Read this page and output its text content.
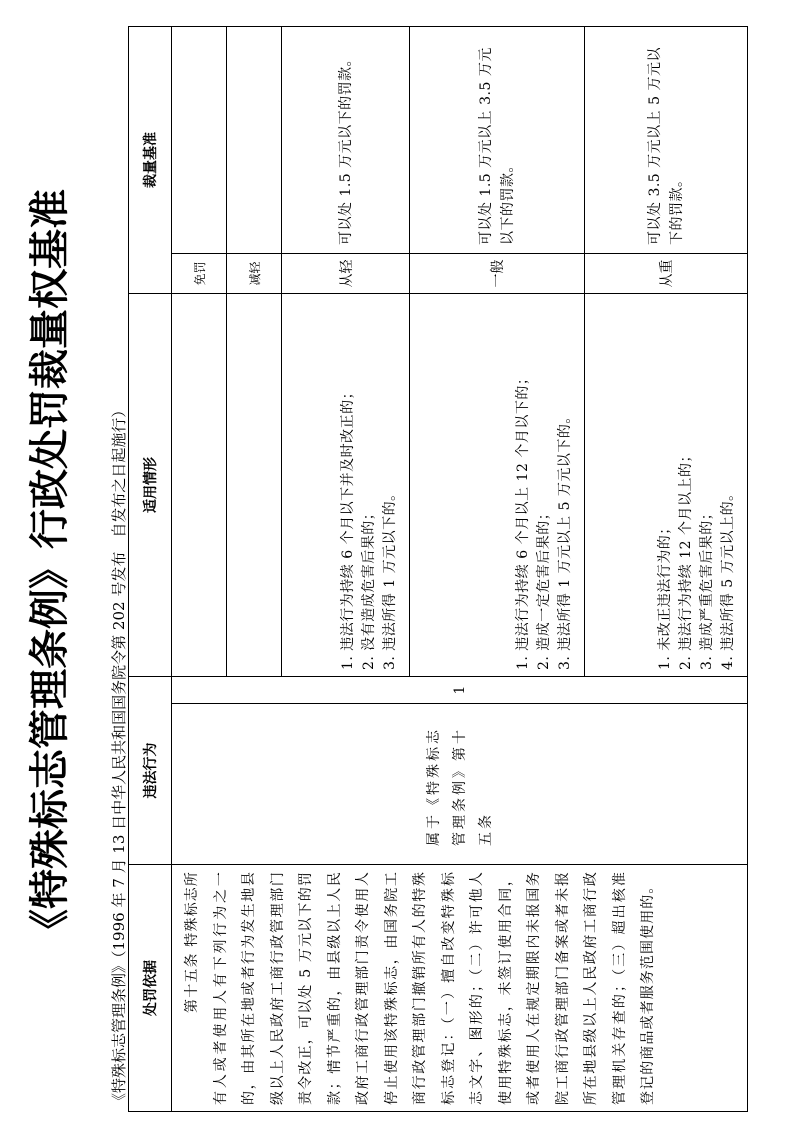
《特殊标志管理条例》行政处罚裁量权基准 《特殊标志管理条例》（1996 年 7 月 13 日中华人民共和国国务院令第 202 号发布自发布之日起施行）
处罚依据	违法行为		适用情形	裁量基准	
第十五条 特殊标志所有人或者使用人有下列行为之一的，由其所在地或者行为发生地县级以上人民政府工商行政管理部门责令改正，可以处 5 万元以下的罚款；情节严重的，由县级以上人民政府工商行政管理部门责令使用人停止使用该特殊标志，由国务院工商行政管理部门撤销所有人的特殊标志登记：（一）擅自改变特殊标志文字、图形的；（二）许可他人使用特殊标志，未签订使用合同，或者使用人在规定期限内未报国务院工商行政管理部门备案或者未报所在地县级以上人民政府工商行政管理机关存查的；（三）超出核准登记的商品或者服务范围使用的。	属于《特殊标志管理条例》第十五条	1		免罚	
				减轻	

			1. 违法行为持续 6 个月以下并及时改正的； 2. 没有造成危害后果的； 3. 违法所得 1 万元以下的。	从轻	可以处 1.5 万元以下的罚款。

			1. 违法行为持续 6 个月以上 12 个月以下的； 2. 造成一定危害后果的； 3. 违法所得 1 万元以上 5 万元以下的。	一般	可以处 1.5 万元以上 3.5 万元以下的罚款。

			1. 未改正违法行为的； 2. 违法行为持续 12 个月以上的； 3. 造成严重危害后果的； 4. 违法所得 5 万元以上的。	从重	可以处 3.5 万元以上 5 万元以下的罚款。
